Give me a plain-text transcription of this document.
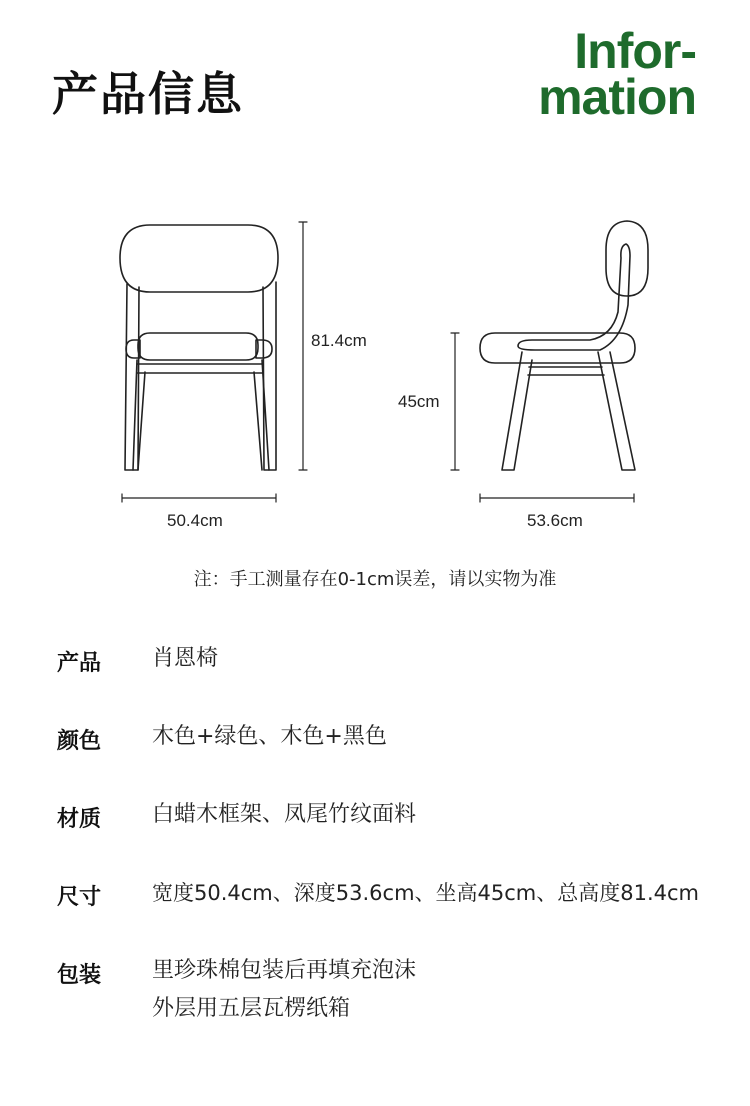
产品信息
Infor-
mation
81.4cm
45cm
50.4cm	53.6cm
注：手工测量存在0-1cm误差，请以实物为准
产品 肖恩椅
颜色 木色+绿色、木色+黑色
材质 白蜡木框架、凤尾竹纹面料
尺寸 宽度50.4cm、深度53.6cm、坐高45cm、总高度81.4cm
包装 里珍珠棉包装后再填充泡沫
外层用五层瓦楞纸箱
